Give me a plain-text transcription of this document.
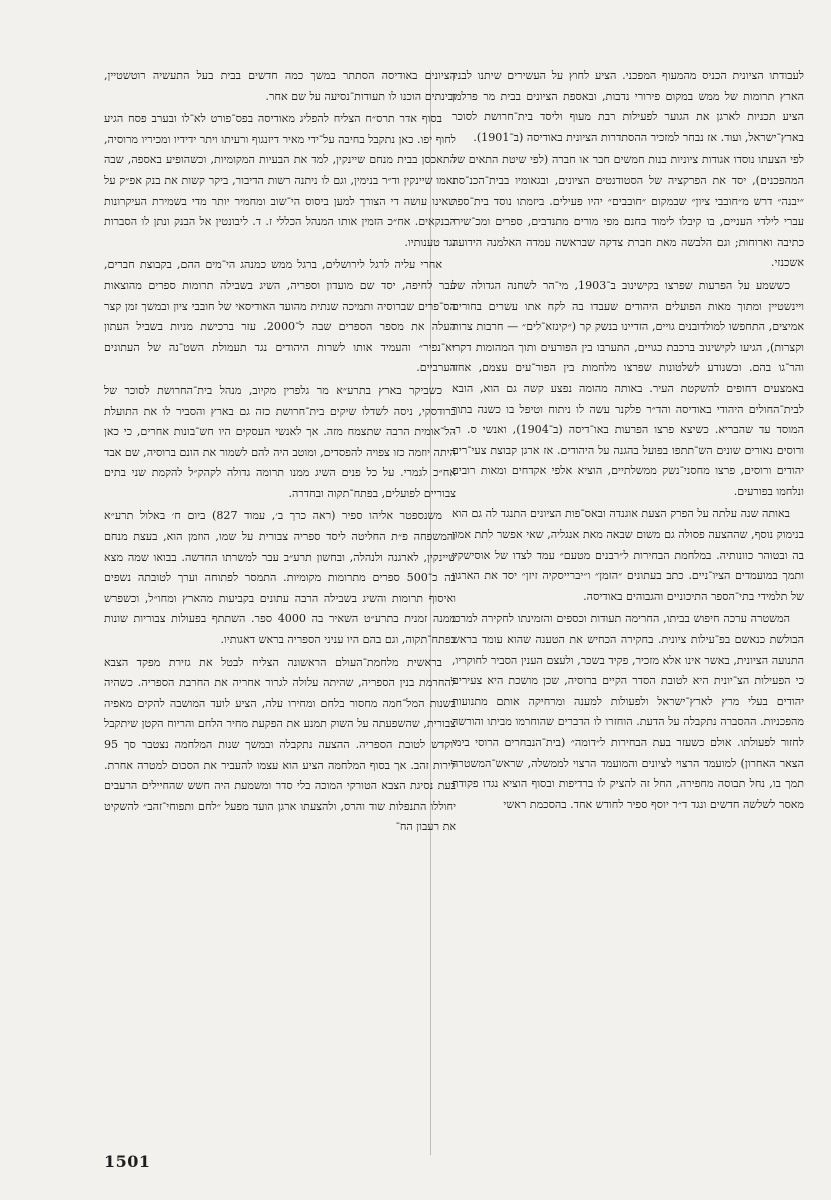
לעבודתו הציונית הכניס מהמעוף המפכני. הציע לחוץ על העשירים שיתנו לבנין הארץ תרומות של ממש במקום פירורי נדבות, ובאספת הציונים בבית מר פרלמן הציע תכניות לארגן את הגוער לפעילות רבת מעוף וליסד בית־חרושת לסוכר בארץ־ישראל, ועוד. אז נבחר למזכיר ההסתדרות הציונית באודיסה (ב־1901).

לפי הצעתו נוסדו אגודות ציוניות בנות חמשים חבר או חברה (לפי שיטת התאים של המהפכנים), יסד את הפרקציה של הסטודנטים הציונים, ובגאומיו בבית־הכנ־סת ״יבנה״ דרש מ״חובבי ציון״ שבמקום ״חובבים״ יהיו פעילים. ביזמתו נוסד בית־ספר עברי לילדי העניים, בו קיבלו לימוד בחנם מפי מורים מתנדבים, ספרים ומכ־שירי כתיבה וארוחות; וגם הלבשה מאת חברת צדקה שבראשה עמדה האלמנה הידועה אשכנזי.

כששמע על הפרעות שפרצו בקישינוב ב־1903, מי־הר לשחנה הגדולה של ויינשטיין ומתוך מאות הפועלים היהודים שעבדו בה לקח אתו עשרים בחורים אמיצים, התחפשו למולדובנים גויים, הזדיינו בנשק קר (״קינזא־לים״ — חרבות צרות וקצרות), הגיעו לקישינוב ברכבת כגויים, התערבו בין הפורעים ותוך המהומות דקרו והר־גו בהם. וכשנודע לשלטונות שפרצו מלחמות בין הפור־עים עצמם, אחזו באמצעים דחופים להשקטת העיר. באותה מהומה נפצע קשה גם הוא, הובא לבית־החולים היהודי באודיסה והד״ר פלקנר עשה לו ניתוח וטיפל בו כשנה בתוך המוסד עד שהבריא. כשיצא פרצו הפרעות באו־דיסה (ב־1904), ואנשי ס. ר. ורוסים נאורים שונים הש־תתפו בפועל בהגנה על היהודים. אז ארגן קבוצת צעי־רים יהודים ורוסים, פרצו מחסני־נשק ממשלתיים, הוציא אלפי אקדחים ומאות רובים ונלחמו בפורעים.

באותה שנה עלתה על הפרק הצעת אוגנדה ובאס־פות הציונים התנגד לה גם הוא בנימוק נוסף, שההצעה פסולה גם משום שבאה מאת אנגליה, שאי אפשר לתת אמון בה ובטוהר כוונותיה. במלחמת הבחירות ל״רבנים מטעם״ עמד לצדו של אוסישקין ותמך במועמדים הציו־ניים. כתב בעתונים ״הזמן״ ו״יברייסקיה זיזן״ יסד את הארגון של תלמידי בתי־הספר התיכוניים והגבוהים באודיסה.

המשטרה ערכה חיפוש בביתו, החרימה תעודות וכספים והזמינתו לחקירה למרכז הבולשת כנאשם בפ־עילות ציונית. בחקירה הכחיש את הטענה שהוא עומד בראש התנועה הציונית, באשר אינו אלא מזכיר, פקיד בשכר, ולעצם הענין הסביר לחוקריו, כי הפעילות הצ־יונית היא לטובת הסדר הקיים ברוסיה, שכן מושכת היא צעירים יהודים בעלי מרץ לארץ־ישראל ולפעולות למענה ומרחיקה אותם מתנועות מהפכניות. ההסברה נתקבלה על הדעת. הוחזרו לו הדברים שהוחרמו מביתו והורשה לחזור לפעולתו. אולם כשעזר בעת הבחירות ל״דומה״ (בית־הנבחרים הרוסי בימי הצאר האחרון) למועמד הרצוי לציונים והמועמד הרצוי לממשלה, שראש־המשטרה תמך בו, נחל תבוסה מחפירה, החל זה להציק לו ברדיפות ובסוף הוציא נגדו פקודת מאסר לשלשה חדשים ונגד ד״ר יוסף ספיר לחודש אחד. בהסכמת ראשי

הציונים באודיסה הסתתר במשך כמה חדשים בבית בעל התעשיה רוטשטיין, ובינתים הוכנו לו תעודות־נסיעה על שם אחר.

בסוף אדר תרס״ח הצליח להפליג מאודיסה בפס־פורט לא־לו ובערב פסח הגיע לחוף יפו. כאן נתקבל בחיבה על־ידי מאיר דיזנגוף ורעיתו ויתר ידידיו ומכיריו מרוסיה, התאכסן בבית מנחם שיינקין, למד את הבעיות המקומיות, וכשהופיע באספה, שבה נאמו שיינקין וד״ר בנימין, וגם לו ניתנה רשות הדיבור, ביקר קשות את בנק אפ״ק על שאינו עושה די הצורך למען ביסוס הי־שוב ומחמיר יותר מדי בשמירת העיקרונות הבנקאים. אח״כ הזמין אותו המנהל הכללי ז. ד. ליבונטין אל הבנק ונתן לו הסברות נגד טענותיו.

אחרי עליה לרגל לירושלים, ברגל ממש כמנהג הי־מים ההם, בקבוצת חברים, עבר לחיפה, יסד שם מועדון וספריה, השיג בשבילה תרומות ספרים מהוצאות הס־פרים שברוסיה ותמיכה שנתית מהועד האודיסאי של חובבי ציון ובמשך זמן קצר העלה את מספר הספרים שבה ל־2000. עזר ברכישת מניות בשביל העתון ״א־נפיר״ והעמיד אותו לשרות היהודים נגד תעמולת השט־נה של העתונים הערביים.

כשביקר בארץ בתרע״א מר גלפרין מקיוב, מנהל בית־החרושת לסוכר של ברודסקי, ניסה לשדלו שיקים בית־חרושת כזה גם בארץ והסביר לו את התועלת הל־אומית הרבה שתצמח מזה. אך לאנשי העסקים היו חש־בונות אחרים, כי כאן היתה יוזמה כזו צפויה להפסדים, ומוטב היה להם לשמור את הונם ברוסיה, שם אבד אח״כ לגמרי. על כל פנים השיג ממנו תרומה גדולה לקהק״ל להקמת שני בתים צבוריים לפועלים, בפתח־תקוה ובחדרה.

משנספטר אליהו ספיר (ראה כרך ב׳, עמוד 827) ביום ח׳ באלול תרע״א והמשפחה פ״ת החליטה ליסד ספריה צבורית על שמו, הוזמן הוא, בעצת מנחם שיינקין, לארגנה ולנהלה, ובחשון תרע״ב עבר למשרתו החדשה. בבואו שמה מצא בה כ־500 ספרים מתרומות מקומיות. התמסר לפתוחה וערך לטובתה נשפים ואיסוף תרומות והשיג בשבילה הרבה עתונים בקביעות מהארץ ומחו״ל, וכשפרש ממנה זמנית בתרע״ט השאיר בה 4000 ספר. השתתף בפעולות צבוריות שונות בפתח־תקוה, וגם בהם היו עניני הספריה בראש דאגותיו.

בראשית מלחמת־העולם הראשונה הצליח לבטל את גזירת מפקד הצבא להחרמת בנין הספריה, שהיתה עלולה לגרור אחריה את החרבת הספריה. כשהיה בשנות המל־חמה מחסור בלחם ומחירו עלה, הציע לועד המושבה להקים מאפיה צבורית, שהשפעתה על השוק תמנע את הפקעת מחיר הלחם והריוח הקטן שיתקבל יוקדש לטובת הספריה. ההצעה נתקבלה ובמשך שנות המלחמה נצטבר סך 95 לירות זהב. אך בסוף המלחמה הציע הוא עצמו להעביר את הסכום למטרה אחרת. בעת נסיגת הצבא הטורקי המוכה בלי סדר ומשמעת היה חשש שהחיילים הרעבים יחוללו התנפלות שוד והרס, ולהצעתו ארגן הועד מפעל ״לחם ותפוחי־זהב״ להשקיט את רעבון הח־

1501
